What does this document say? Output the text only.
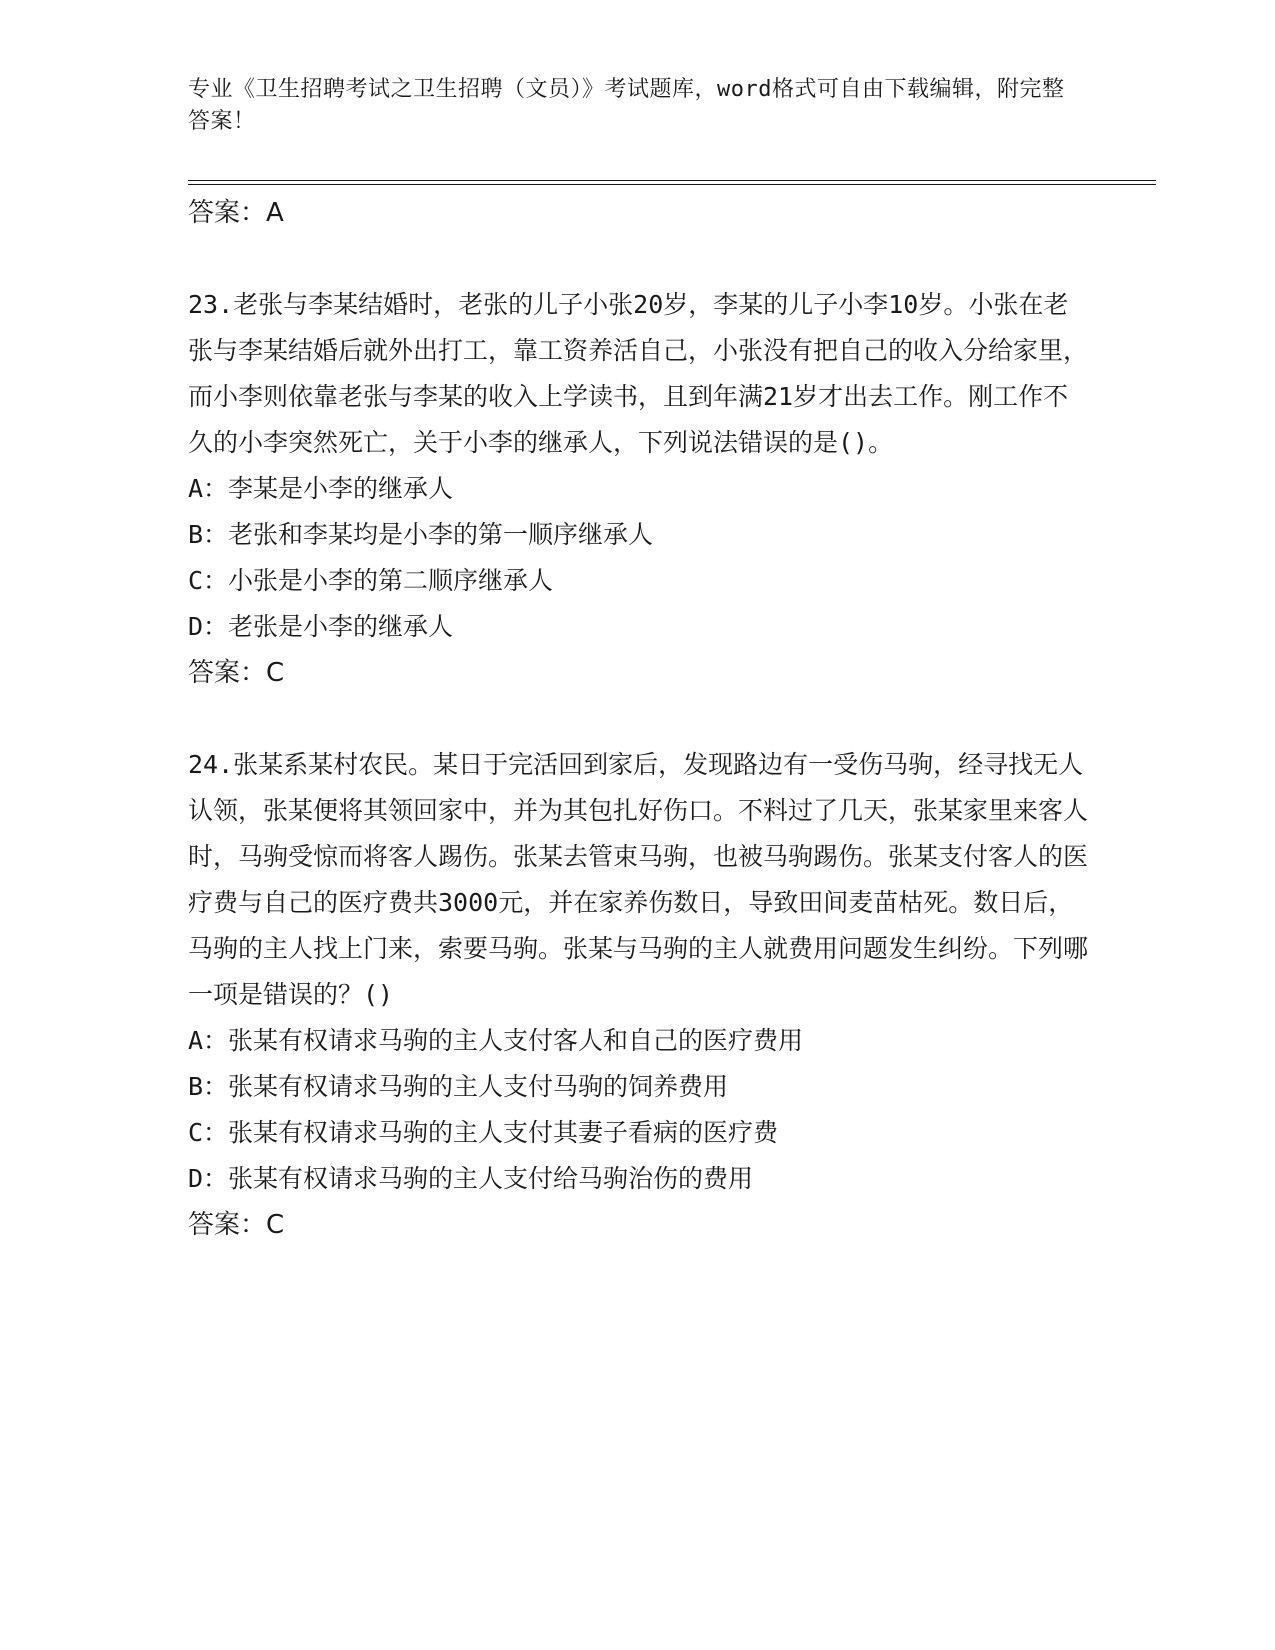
专业《卫生招聘考试之卫生招聘（文员）》考试题库，word格式可自由下载编辑，附完整答案！
答案：A

23.老张与李某结婚时，老张的儿子小张20岁，李某的儿子小李10岁。小张在老张与李某结婚后就外出打工，靠工资养活自己，小张没有把自己的收入分给家里，而小李则依靠老张与李某的收入上学读书，且到年满21岁才出去工作。刚工作不久的小李突然死亡，关于小李的继承人，下列说法错误的是()。

A：李某是小李的继承人

B：老张和李某均是小李的第一顺序继承人

C：小张是小李的第二顺序继承人

D：老张是小李的继承人

答案：C

24.张某系某村农民。某日于完活回到家后，发现路边有一受伤马驹，经寻找无人认领，张某便将其领回家中，并为其包扎好伤口。不料过了几天，张某家里来客人时，马驹受惊而将客人踢伤。张某去管束马驹，也被马驹踢伤。张某支付客人的医疗费与自己的医疗费共3000元，并在家养伤数日，导致田间麦苗枯死。数日后，马驹的主人找上门来，索要马驹。张某与马驹的主人就费用问题发生纠纷。下列哪一项是错误的？()

A：张某有权请求马驹的主人支付客人和自己的医疗费用

B：张某有权请求马驹的主人支付马驹的饲养费用

C：张某有权请求马驹的主人支付其妻子看病的医疗费

D：张某有权请求马驹的主人支付给马驹治伤的费用

答案：C
